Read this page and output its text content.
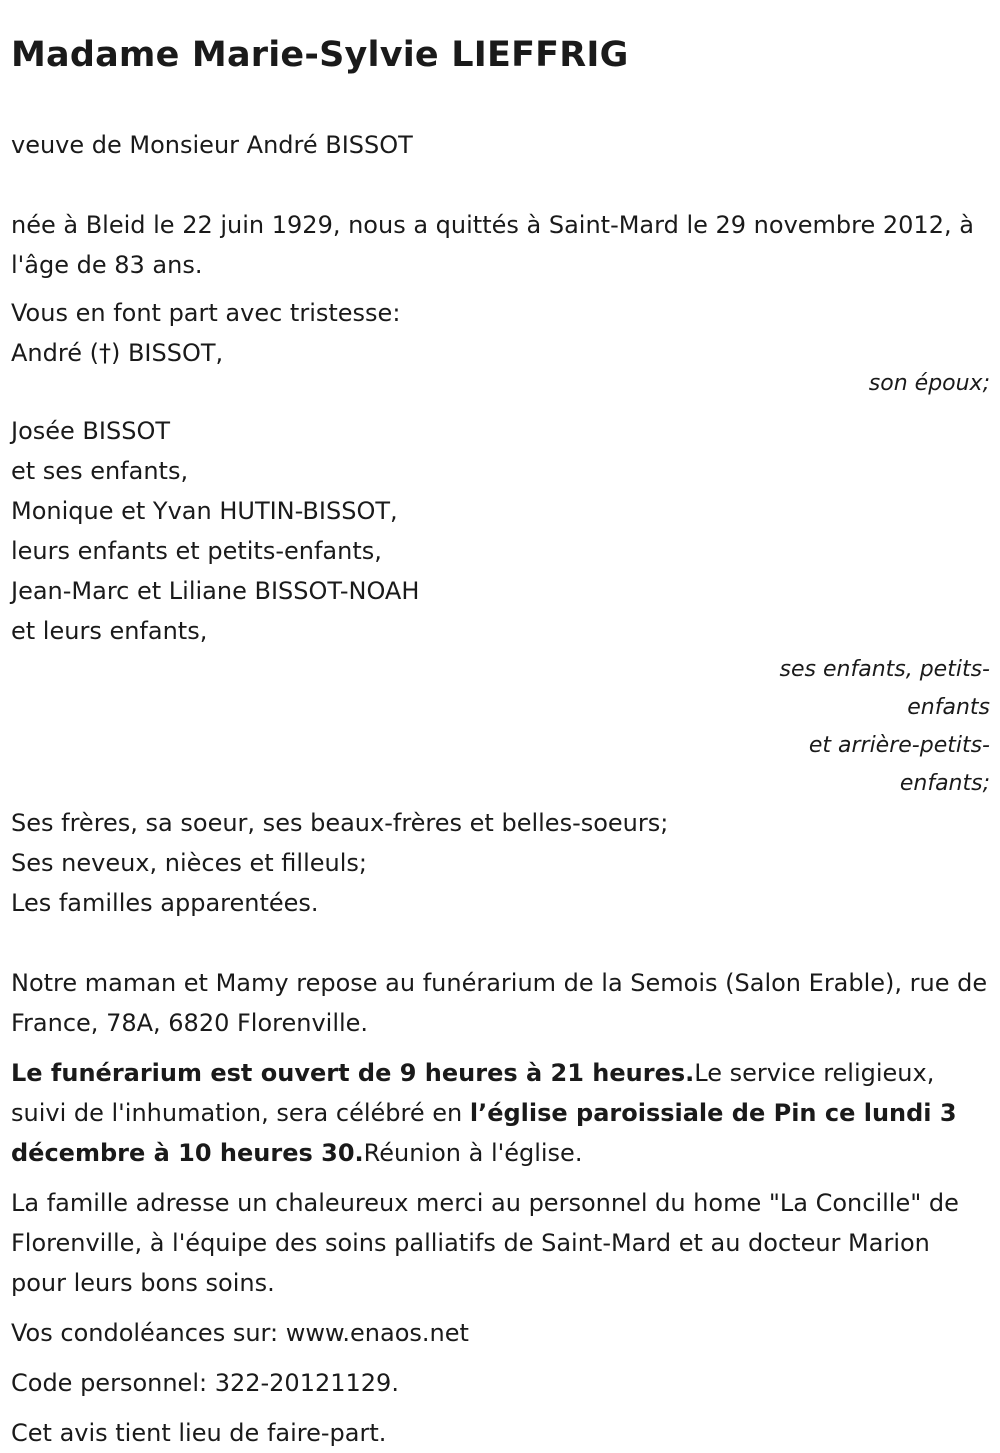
Madame Marie-Sylvie LIEFFRIG

veuve de Monsieur André BISSOT

née à Bleid le 22 juin 1929, nous a quittés à Saint-Mard le 29 novembre 2012, à l'âge de 83 ans.

Vous en font part avec tristesse:

André (†) BISSOT,

son époux;

Josée BISSOT

et ses enfants,

Monique et Yvan HUTIN-BISSOT,

leurs enfants et petits-enfants,

Jean-Marc et Liliane BISSOT-NOAH

et leurs enfants,

ses enfants, petits-enfants
et arrière-petits-enfants;

Ses frères, sa soeur, ses beaux-frères et belles-soeurs;

Ses neveux, nièces et filleuls;

Les familles apparentées.

Notre maman et Mamy repose au funérarium de la Semois (Salon Erable), rue de France, 78A, 6820 Florenville.

Le funérarium est ouvert de 9 heures à 21 heures.Le service religieux, suivi de l'inhumation, sera célébré en l’église paroissiale de Pin ce lundi 3 décembre à 10 heures 30.Réunion à l'église.

La famille adresse un chaleureux merci au personnel du home "La Concille" de Florenville, à l'équipe des soins palliatifs de Saint-Mard et au docteur Marion pour leurs bons soins.

Vos condoléances sur: www.enaos.net

Code personnel: 322-20121129.

Cet avis tient lieu de faire-part.
